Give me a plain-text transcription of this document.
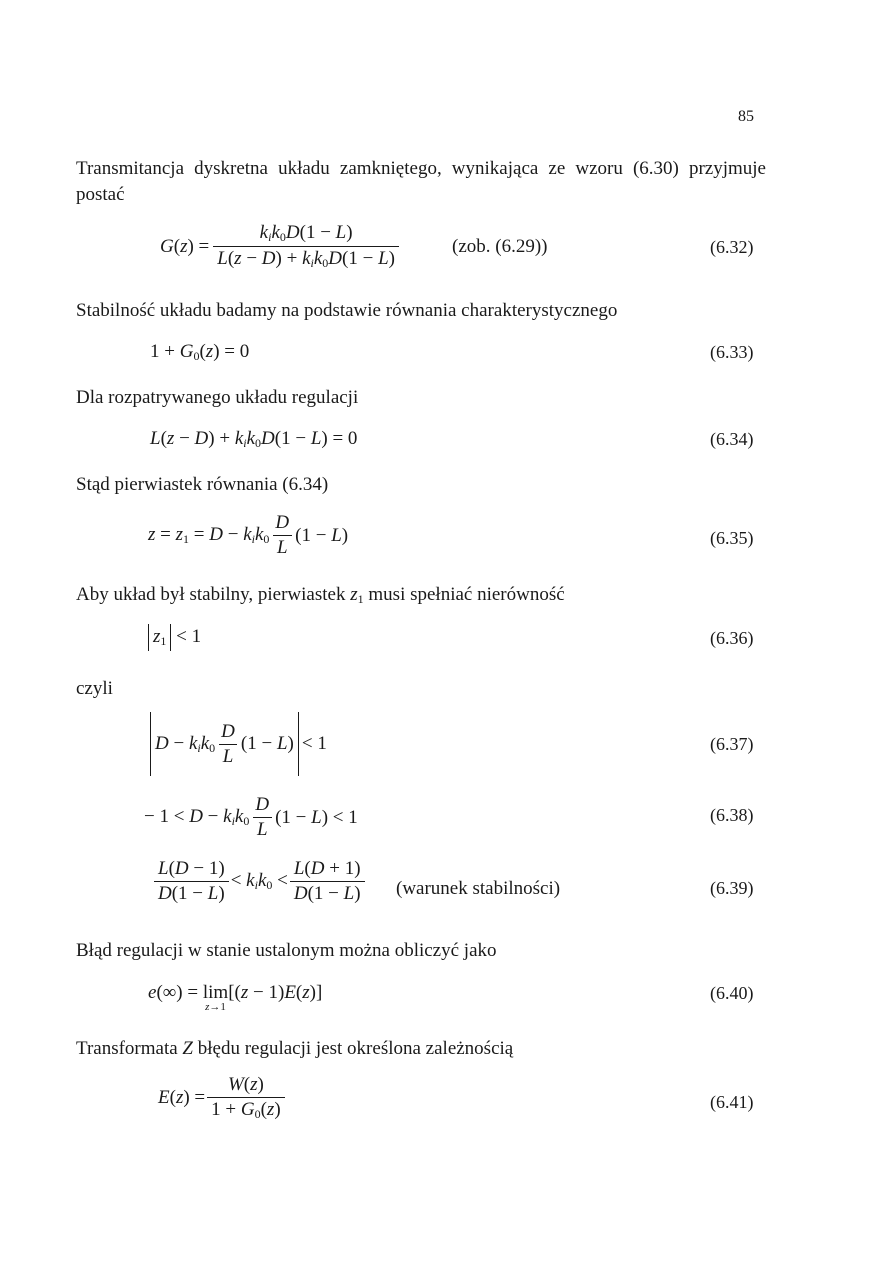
85
Transmitancja dyskretna układu zamkniętego, wynikająca ze wzoru (6.30) przyjmuje postać
$G(z) = \frac{k_ik_0D(1 - L)}{L(z - D) + k_ik_0D(1 - L)}$	(zob. (6.29))	(6.32)
Stabilność układu badamy na podstawie równania charakterystycznego
$1 + G_0(z) = 0$	(6.33)
Dla rozpatrywanego układu regulacji
$L(z - D) + k_ik_0D(1 - L) = 0$	(6.34)
Stąd pierwiastek równania (6.34)
$z = z_1 = D - k_ik_0 \frac{D}{L} (1 - L)$	(6.35)
Aby układ był stabilny, pierwiastek $z_1$ musi spełniać nierówność
$z_1 < 1$	(6.36)
czyli
$D - k_ik_0 \frac{D}{L} (1 - L) < 1$	(6.37)
− $1 < D - k_ik_0 \frac{D}{L} (1 - L) < 1$	(6.38)
$\frac{L(D - 1)}{D(1 - L)} < k_ik_0 < \frac{L(D + 1)}{D(1 - L)}$ (warunek stabilności)	(6.39)
Błąd regulacji w stanie ustalonym można obliczyć jako
e(∞) = lim
z→1
[(z − 1)E(z)]	(6.40)
Transformata Z błędu regulacji jest określona zależnością
$E(z) = \frac{W(z)}{1 + G_0(z)}$	(6.41)
